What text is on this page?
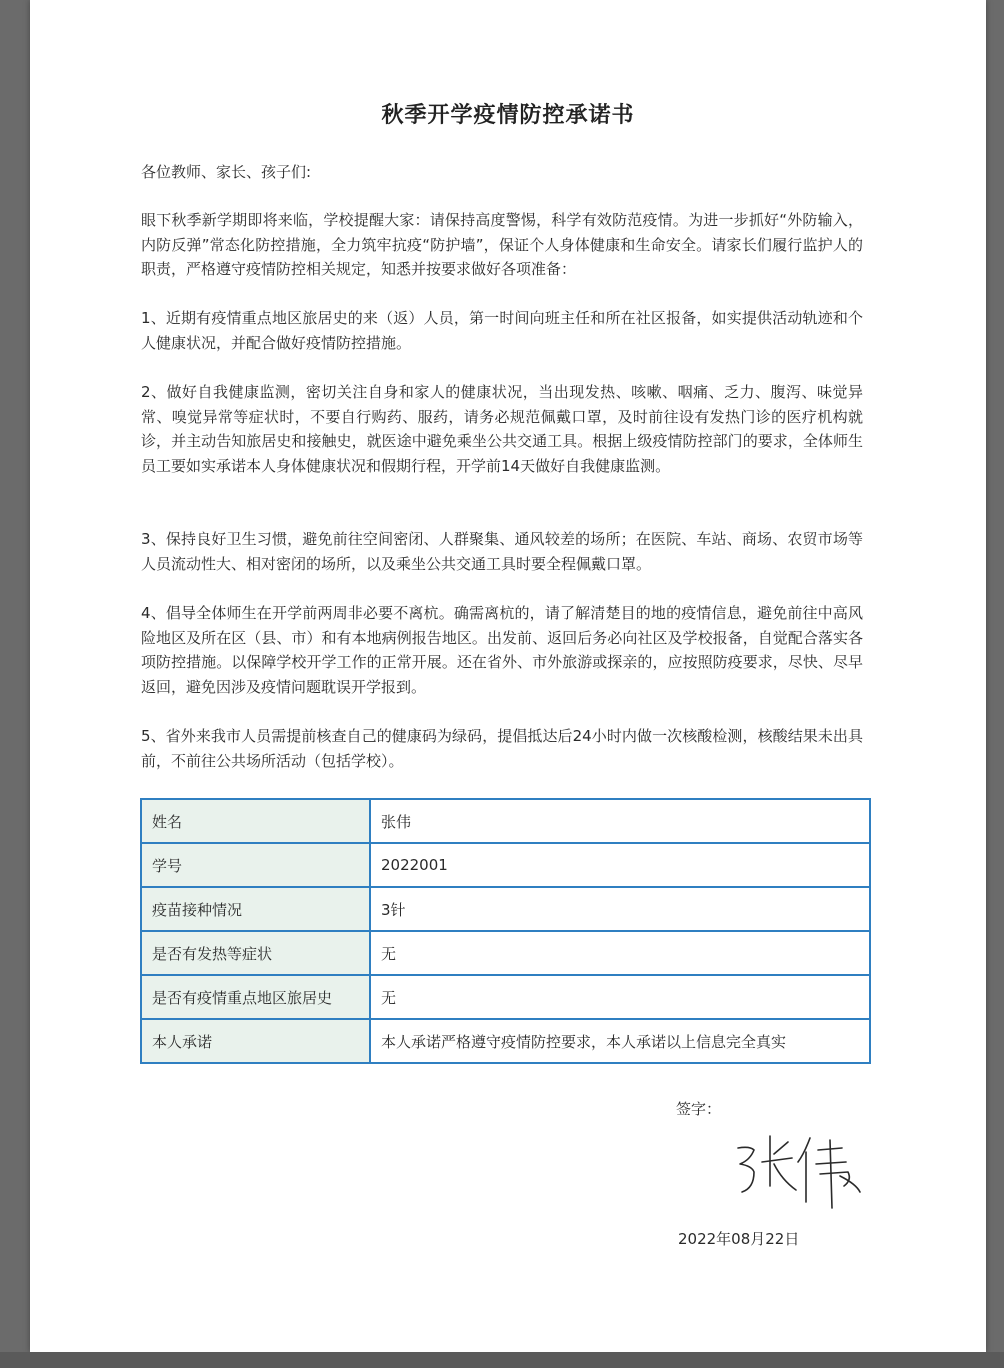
秋季开学疫情防控承诺书
各位教师、家长、孩子们:
眼下秋季新学期即将来临，学校提醒大家：请保持高度警惕，科学有效防范疫情。为进一步抓好“外防输入，内防反弹”常态化防控措施，全力筑牢抗疫“防护墙”，保证个人身体健康和生命安全。请家长们履行监护人的职责，严格遵守疫情防控相关规定，知悉并按要求做好各项准备：
1、近期有疫情重点地区旅居史的来（返）人员，第一时间向班主任和所在社区报备，如实提供活动轨迹和个人健康状况，并配合做好疫情防控措施。
2、做好自我健康监测，密切关注自身和家人的健康状况，当出现发热、咳嗽、咽痛、乏力、腹泻、味觉异常、嗅觉异常等症状时，不要自行购药、服药，请务必规范佩戴口罩，及时前往设有发热门诊的医疗机构就诊，并主动告知旅居史和接触史，就医途中避免乘坐公共交通工具。根据上级疫情防控部门的要求，全体师生员工要如实承诺本人身体健康状况和假期行程，开学前14天做好自我健康监测。
3、保持良好卫生习惯，避免前往空间密闭、人群聚集、通风较差的场所；在医院、车站、商场、农贸市场等人员流动性大、相对密闭的场所，以及乘坐公共交通工具时要全程佩戴口罩。
4、倡导全体师生在开学前两周非必要不离杭。确需离杭的，请了解清楚目的地的疫情信息，避免前往中高风险地区及所在区（县、市）和有本地病例报告地区。出发前、返回后务必向社区及学校报备，自觉配合落实各项防控措施。以保障学校开学工作的正常开展。还在省外、市外旅游或探亲的，应按照防疫要求，尽快、尽早返回，避免因涉及疫情问题耽误开学报到。
5、省外来我市人员需提前核查自己的健康码为绿码，提倡抵达后24小时内做一次核酸检测，核酸结果未出具前，不前往公共场所活动（包括学校）。
姓名	张伟
学号	2022001
疫苗接种情况	3针
是否有发热等症状	无
是否有疫情重点地区旅居史	无
本人承诺	本人承诺严格遵守疫情防控要求，本人承诺以上信息完全真实
签字：
2022年08月22日
